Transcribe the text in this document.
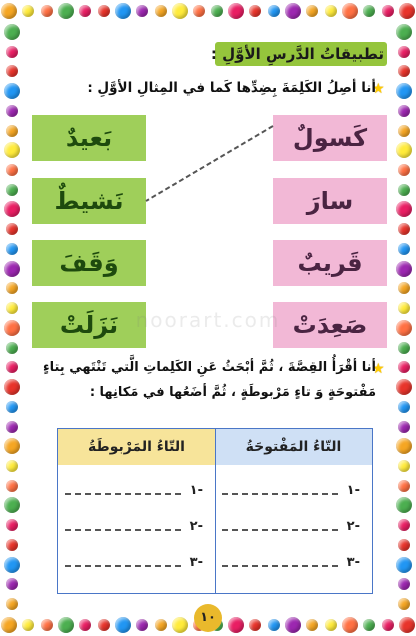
تطبيقاتُ الدَّرسِ الأوَّلِ :
★
أنا أصِلُ الكَلِمَةَ بِضِدِّها كَما في المِثالِ الأوَّلِ :
كَسولٌ
سارَ
قَريبٌ
صَعِدَتْ
بَعيدٌ
نَشيطٌ
وَقَفَ
نَزَلَتْ noorart.com
★
أنا أقْرَأُ القِصَّةَ ، ثُمَّ أبْحَثُ عَنِ الكَلِماتِ الَّتي تَنْتَهي بِتاءٍ
مَفْتوحَةٍ وَ تاءٍ مَرْبوطَةٍ ، ثُمَّ أضَعُها في مَكانِها :
التّاءُ المَفْتوحَةُ
-١
-٢
-٣
التّاءُ المَرْبوطَةُ
-١
-٢
-٣
١٠
